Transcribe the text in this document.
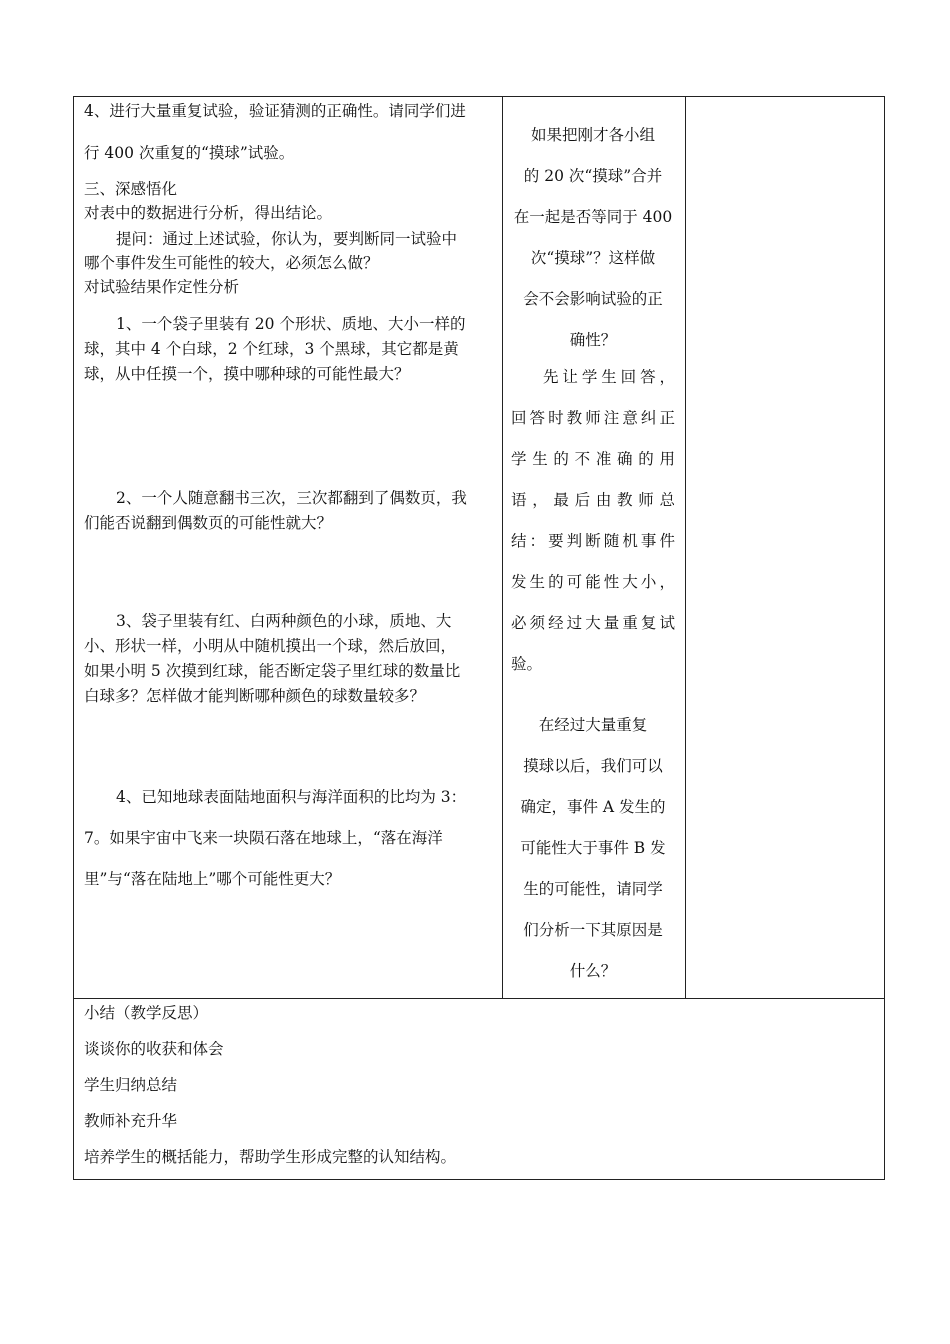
4、进行大量重复试验，验证猜测的正确性。请同学们进
行 400 次重复的“摸球”试验。
三、深感悟化
对表中的数据进行分析，得出结论。
提问：通过上述试验，你认为，要判断同一试验中
哪个事件发生可能性的较大，必须怎么做？
对试验结果作定性分析
1、一个袋子里装有 20 个形状、质地、大小一样的
球，其中 4 个白球，2 个红球，3 个黑球，其它都是黄
球，从中任摸一个，摸中哪种球的可能性最大？
2、一个人随意翻书三次，三次都翻到了偶数页，我
们能否说翻到偶数页的可能性就大？
3、袋子里装有红、白两种颜色的小球，质地、大
小、形状一样，小明从中随机摸出一个球，然后放回，
如果小明 5 次摸到红球，能否断定袋子里红球的数量比
白球多？怎样做才能判断哪种颜色的球数量较多？
4、已知地球表面陆地面积与海洋面积的比均为 3：
7。如果宇宙中飞来一块陨石落在地球上，“落在海洋
里”与“落在陆地上”哪个可能性更大？
如果把刚才各小组
的 20 次“摸球”合并
在一起是否等同于 400
次“摸球”？这样做
会不会影响试验的正
确性？
先让学生回答，
回答时教师注意纠正
学生的不准确的用
语，最后由教师总
结：要判断随机事件
发生的可能性大小，
必须经过大量重复试
验。
在经过大量重复
摸球以后，我们可以
确定，事件 A 发生的
可能性大于事件 B 发
生的可能性，请同学
们分析一下其原因是
什么？
小结（教学反思）
谈谈你的收获和体会
学生归纳总结
教师补充升华
培养学生的概括能力，帮助学生形成完整的认知结构。
